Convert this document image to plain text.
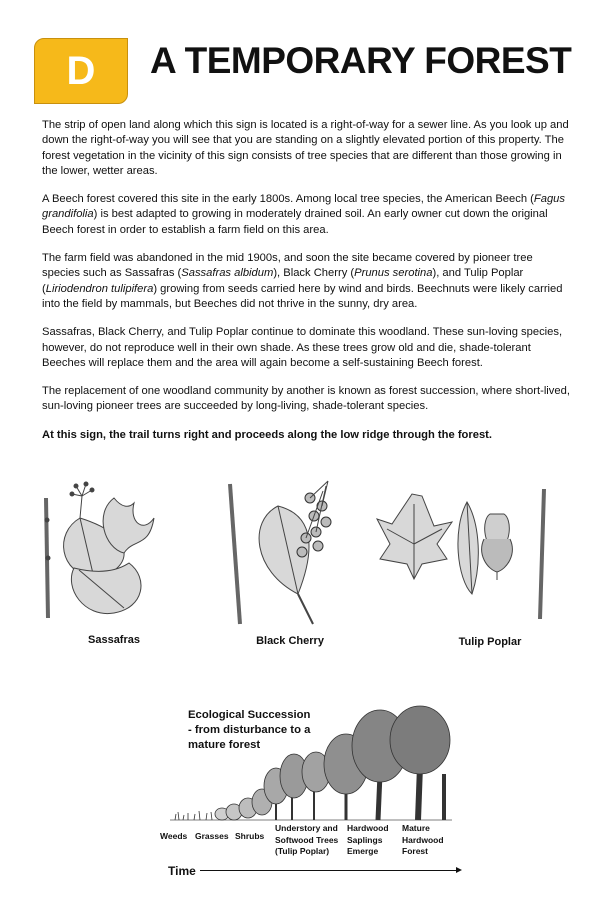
D A TEMPORARY FOREST

The strip of open land along which this sign is located is a right-of-way for a sewer line. As you look up and down the right-of-way you will see that you are standing on a slightly elevated portion of this property. The forest vegetation in the vicinity of this sign consists of tree species that are different than those growing in the lower, wetter areas.

A Beech forest covered this site in the early 1800s. Among local tree species, the American Beech (Fagus grandifolia) is best adapted to growing in moderately drained soil. An early owner cut down the original Beech forest in order to establish a farm field on this area.

The farm field was abandoned in the mid 1900s, and soon the site became covered by pioneer tree species such as Sassafras (Sassafras albidum), Black Cherry (Prunus serotina), and Tulip Poplar (Liriodendron tulipifera) growing from seeds carried here by wind and birds. Beechnuts were likely carried into the field by mammals, but Beeches did not thrive in the sunny, dry area.

Sassafras, Black Cherry, and Tulip Poplar continue to dominate this woodland. These sun-loving species, however, do not reproduce well in their own shade. As these trees grow old and die, shade-tolerant Beeches will replace them and the area will again become a self-sustaining Beech forest.

The replacement of one woodland community by another is known as forest succession, where short-lived, sun-loving pioneer trees are succeeded by long-living, shade-tolerant species.

At this sign, the trail turns right and proceeds along the low ridge through the forest.

Sassafras	Black Cherry	Tulip Poplar
Ecological Succession
- from disturbance to a
mature forest
Weeds Grasses Shrubs
Understory and
Softwood Trees
(Tulip Poplar)
Hardwood
Saplings
Emerge
Mature
Hardwood
Forest
Time
